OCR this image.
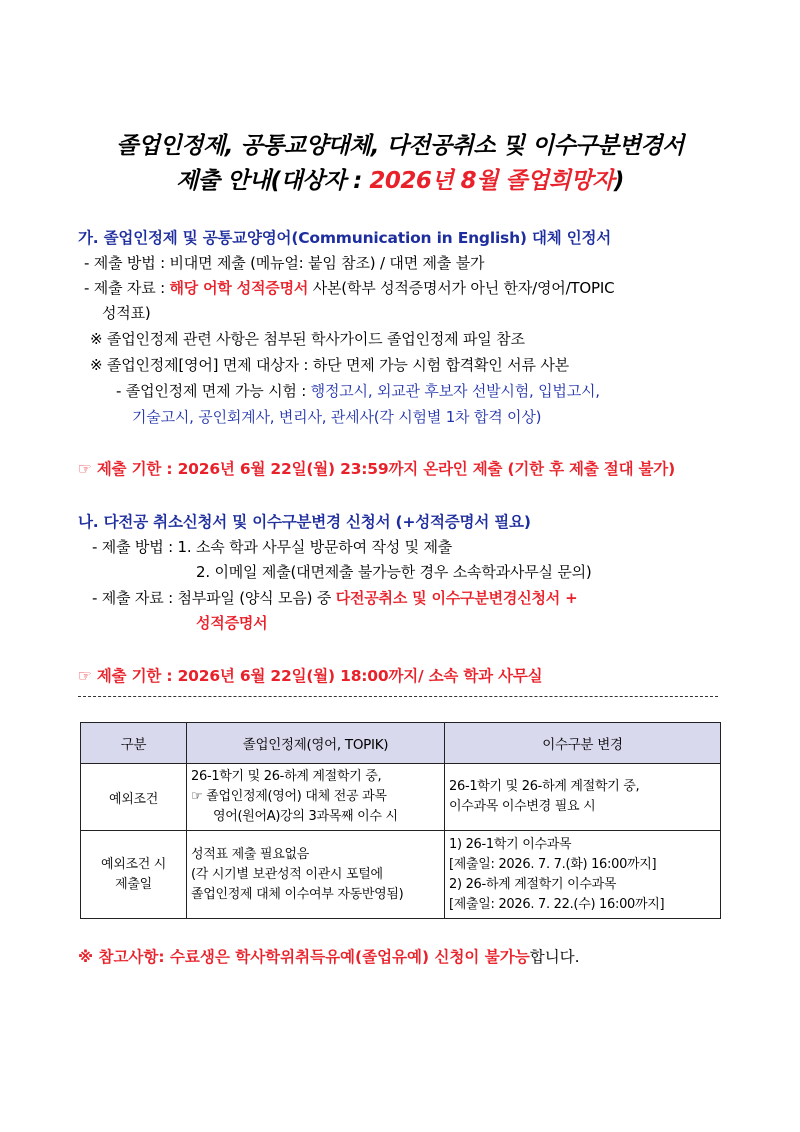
졸업인정제, 공통교양대체, 다전공취소 및 이수구분변경서
제출 안내(대상자 : 2026년 8월 졸업희망자)
가. 졸업인정제 및 공통교양영어(Communication in English) 대체 인정서
- 제출 방법 : 비대면 제출 (메뉴얼: 붙임 참조) / 대면 제출 불가
- 제출 자료 : 해당 어학 성적증명서 사본(학부 성적증명서가 아닌 한자/영어/TOPIC
성적표)
※ 졸업인정제 관련 사항은 첨부된 학사가이드 졸업인정제 파일 참조
※ 졸업인정제[영어] 면제 대상자 : 하단 면제 가능 시험 합격확인 서류 사본
- 졸업인정제 면제 가능 시험 : 행정고시, 외교관 후보자 선발시험, 입법고시,
기술고시, 공인회계사, 변리사, 관세사(각 시험별 1차 합격 이상)
☞ 제출 기한 : 2026년 6월 22일(월) 23:59까지 온라인 제출 (기한 후 제출 절대 불가)
나. 다전공 취소신청서 및 이수구분변경 신청서 (+성적증명서 필요)
- 제출 방법 : 1. 소속 학과 사무실 방문하여 작성 및 제출
2. 이메일 제출(대면제출 불가능한 경우 소속학과사무실 문의)
- 제출 자료 : 첨부파일 (양식 모음) 중 다전공취소 및 이수구분변경신청서 +
성적증명서
☞ 제출 기한 : 2026년 6월 22일(월) 18:00까지/ 소속 학과 사무실
구분	졸업인정제(영어, TOPIK)	이수구분 변경
예외조건	26-1학기 및 26-하계 계절학기 중,
☞ 졸업인정제(영어) 대체 전공 과목
영어(원어A)강의 3과목째 이수 시	26-1학기 및 26-하계 계절학기 중,
이수과목 이수변경 필요 시

예외조건 시
제출일	성적표 제출 필요없음
(각 시기별 보관성적 이관시 포털에
졸업인정제 대체 이수여부 자동반영됨)	1) 26-1학기 이수과목
[제출일: 2026. 7. 7.(화) 16:00까지]
2) 26-하계 계절학기 이수과목
[제출일: 2026. 7. 22.(수) 16:00까지]
※ 참고사항: 수료생은 학사학위취득유예(졸업유예) 신청이 불가능합니다.
